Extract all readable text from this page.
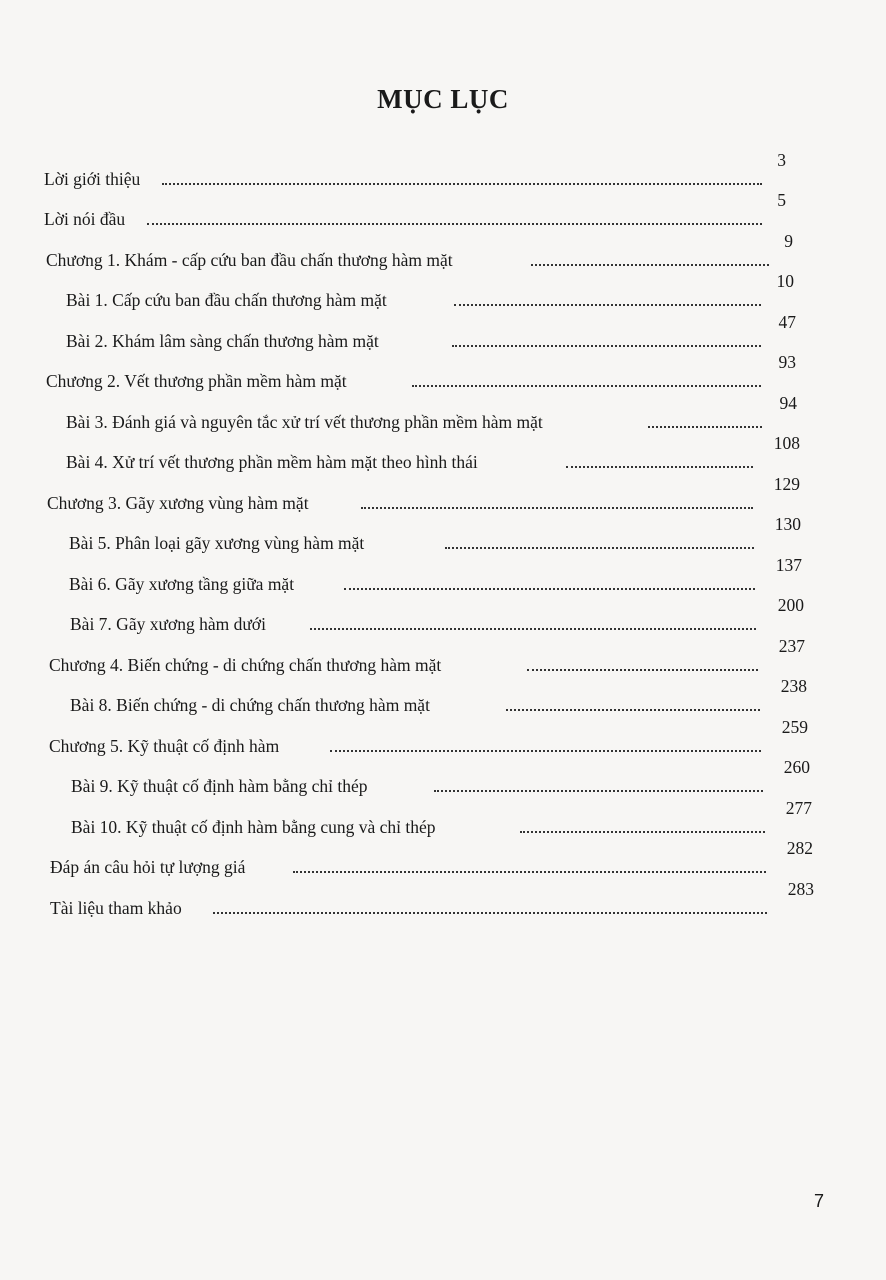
MỤC LỤC
Lời giới thiệu
3
Lời nói đầu
5
Chương 1. Khám - cấp cứu ban đầu chấn thương hàm mặt
9
Bài 1. Cấp cứu ban đầu chấn thương hàm mặt
10
Bài 2. Khám lâm sàng chấn thương hàm mặt
47
Chương 2. Vết thương phần mềm hàm mặt
93
Bài 3. Đánh giá và nguyên tắc xử trí vết thương phần mềm hàm mặt
94
Bài 4. Xử trí vết thương phần mềm hàm mặt theo hình thái
108
Chương 3. Gãy xương vùng hàm mặt
129
Bài 5. Phân loại gãy xương vùng hàm mặt
130
Bài 6. Gãy xương tầng giữa mặt
137
Bài 7. Gãy xương hàm dưới
200
Chương 4. Biến chứng - di chứng chấn thương hàm mặt
237
Bài 8. Biến chứng - di chứng chấn thương hàm mặt
238
Chương 5. Kỹ thuật cố định hàm
259
Bài 9. Kỹ thuật cố định hàm bằng chỉ thép
260
Bài 10. Kỹ thuật cố định hàm bằng cung và chỉ thép
277
Đáp án câu hỏi tự lượng giá
282
Tài liệu tham khảo
283
7
